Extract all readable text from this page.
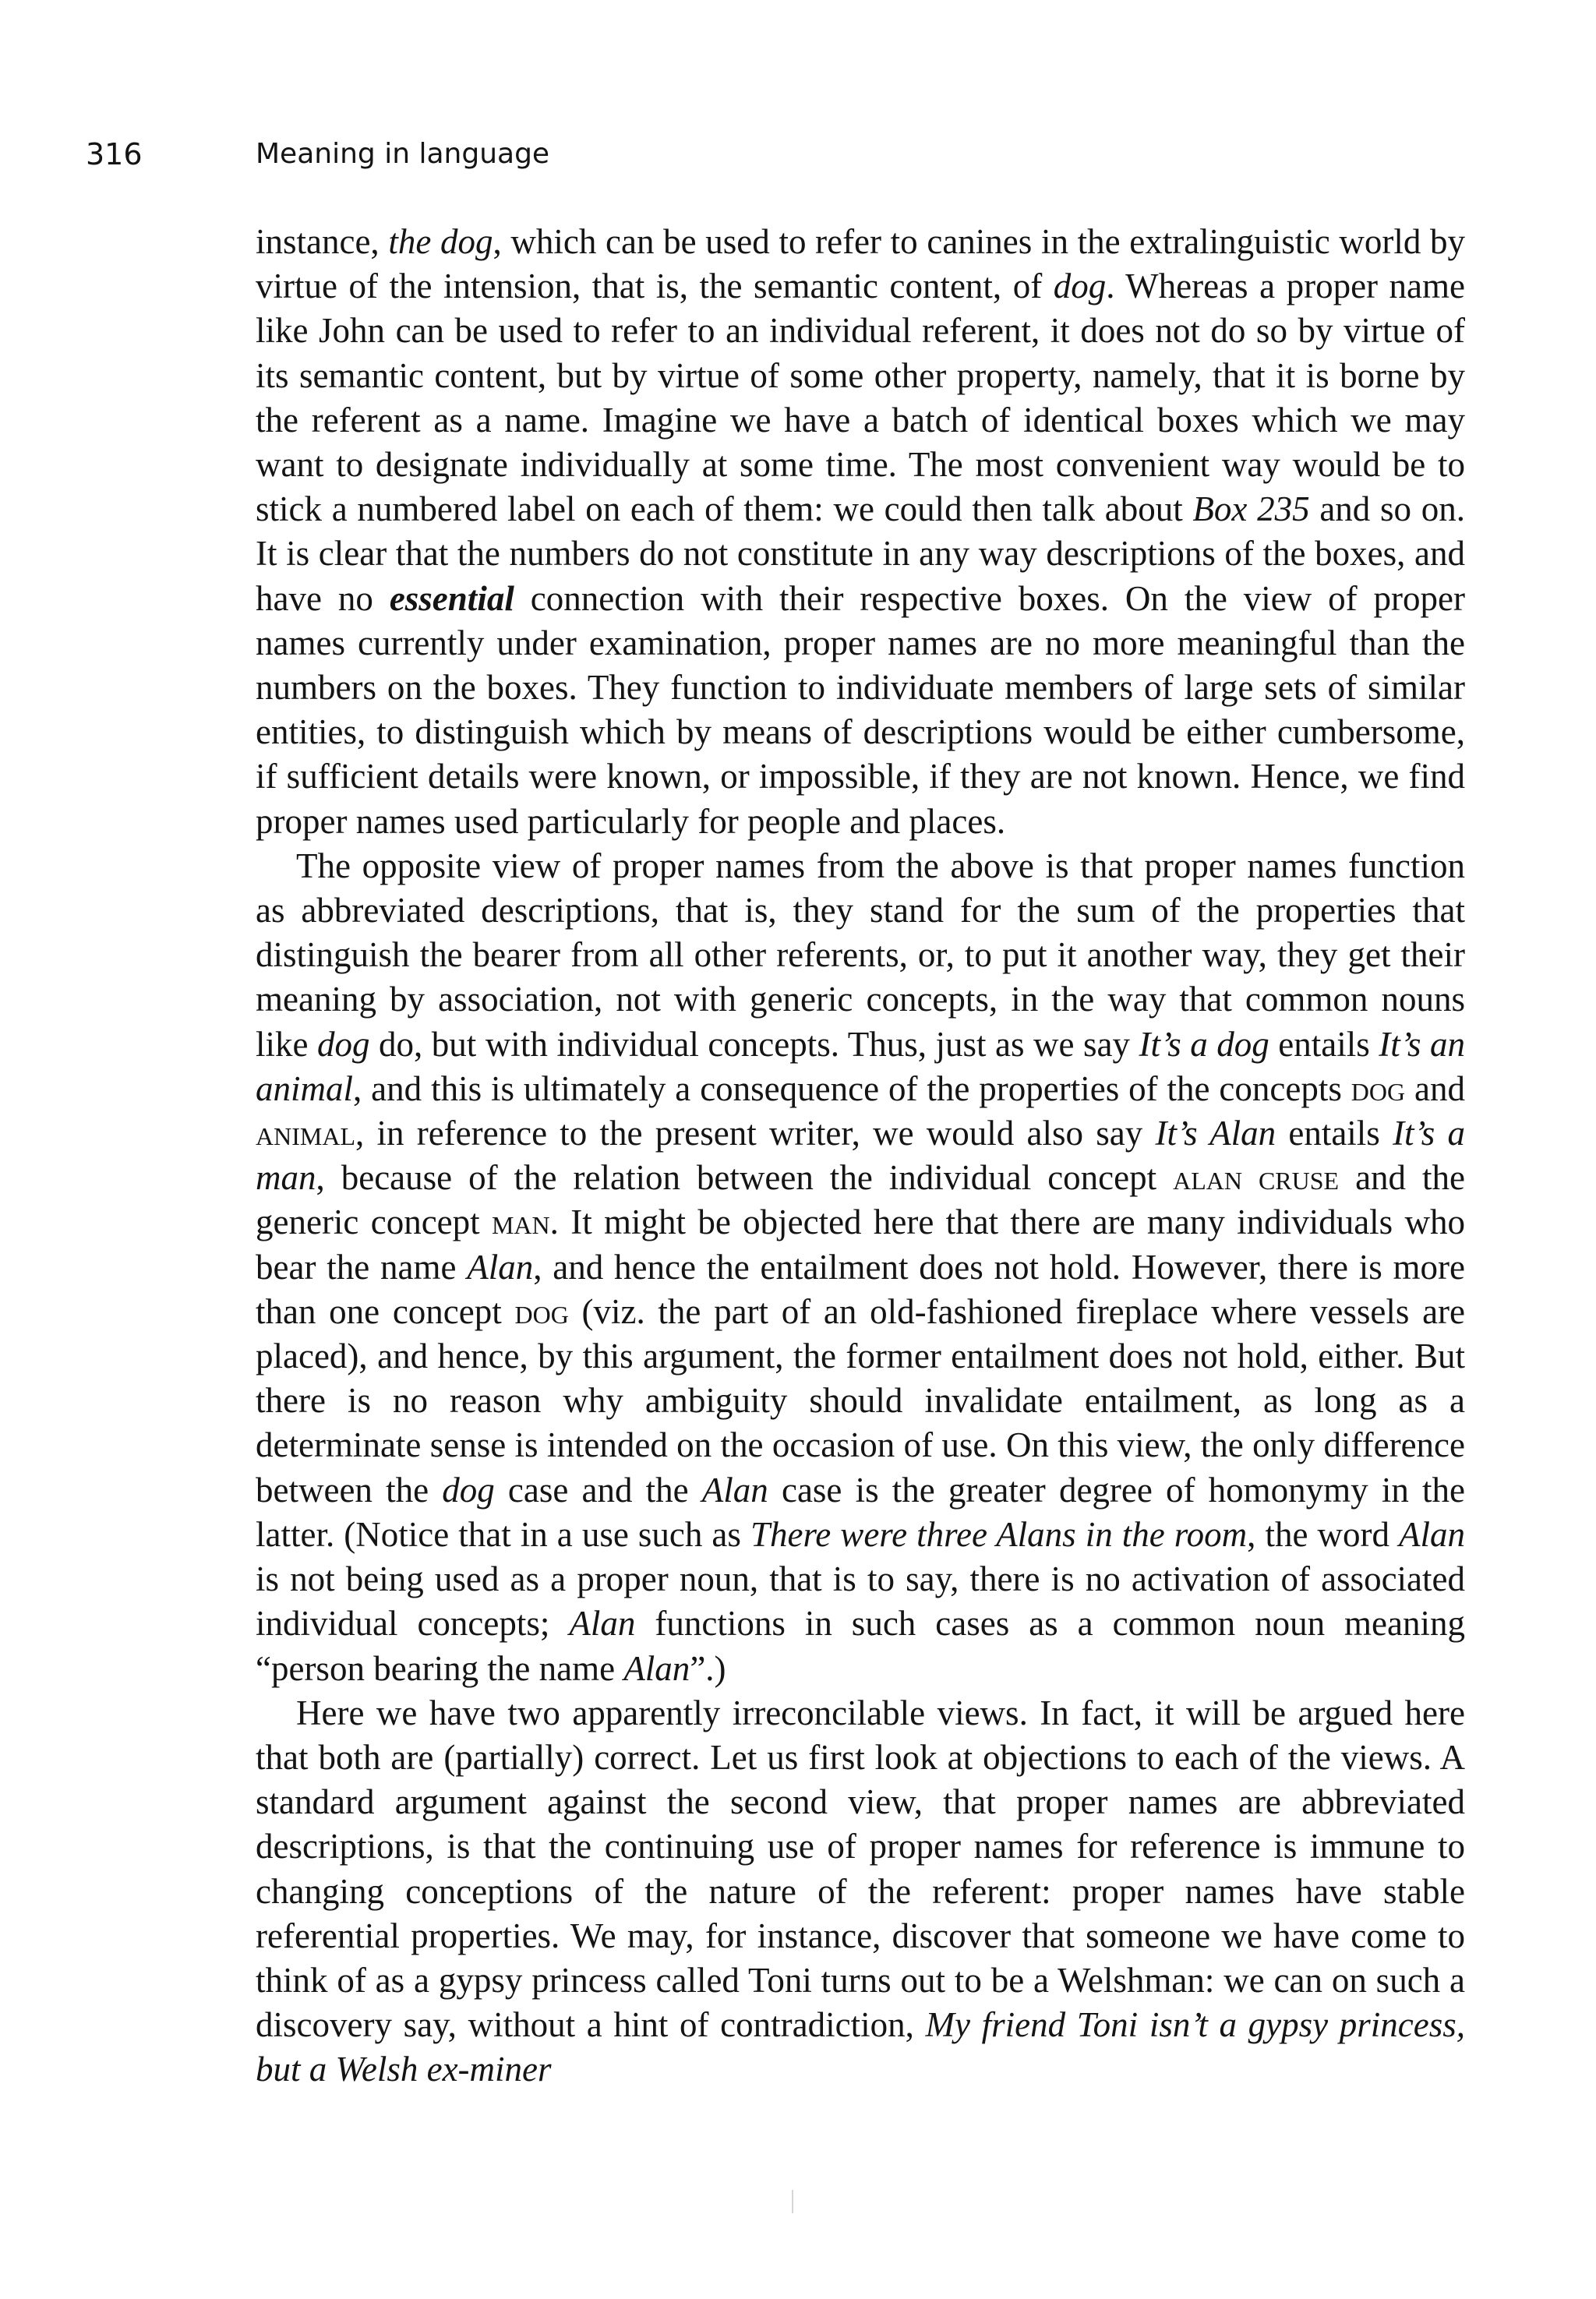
316	Meaning in language

instance, the dog, which can be used to refer to canines in the extralinguistic world by virtue of the intension, that is, the semantic content, of dog. Whereas a proper name like John can be used to refer to an individual referent, it does not do so by virtue of its semantic content, but by virtue of some other property, namely, that it is borne by the referent as a name. Imagine we have a batch of identical boxes which we may want to designate individually at some time. The most convenient way would be to stick a numbered label on each of them: we could then talk about Box 235 and so on. It is clear that the numbers do not constitute in any way descriptions of the boxes, and have no essential connection with their respective boxes. On the view of proper names currently under examination, proper names are no more meaningful than the numbers on the boxes. They function to individuate members of large sets of similar entities, to distinguish which by means of descriptions would be either cumbersome, if sufficient details were known, or impossible, if they are not known. Hence, we find proper names used particularly for people and places.

The opposite view of proper names from the above is that proper names function as abbreviated descriptions, that is, they stand for the sum of the properties that distinguish the bearer from all other referents, or, to put it another way, they get their meaning by association, not with generic concepts, in the way that common nouns like dog do, but with individual concepts. Thus, just as we say It’s a dog entails It’s an animal, and this is ultimately a consequence of the properties of the concepts dog and animal, in reference to the present writer, we would also say It’s Alan entails It’s a man, because of the relation between the individual concept alan cruse and the generic concept man. It might be objected here that there are many individuals who bear the name Alan, and hence the entailment does not hold. However, there is more than one concept dog (viz. the part of an old-fashioned fireplace where vessels are placed), and hence, by this argument, the former entailment does not hold, either. But there is no reason why ambiguity should invalidate entailment, as long as a determinate sense is intended on the occasion of use. On this view, the only difference between the dog case and the Alan case is the greater degree of homonymy in the latter. (Notice that in a use such as There were three Alans in the room, the word Alan is not being used as a proper noun, that is to say, there is no activation of associated individual concepts; Alan functions in such cases as a common noun meaning “person bearing the name Alan”.)

Here we have two apparently irreconcilable views. In fact, it will be argued here that both are (partially) correct. Let us first look at objections to each of the views. A standard argument against the second view, that proper names are abbreviated descriptions, is that the continuing use of proper names for reference is immune to changing conceptions of the nature of the referent: proper names have stable referential properties. We may, for instance, discover that someone we have come to think of as a gypsy princess called Toni turns out to be a Welshman: we can on such a discovery say, without a hint of contradiction, My friend Toni isn’t a gypsy princess, but a Welsh ex-miner
